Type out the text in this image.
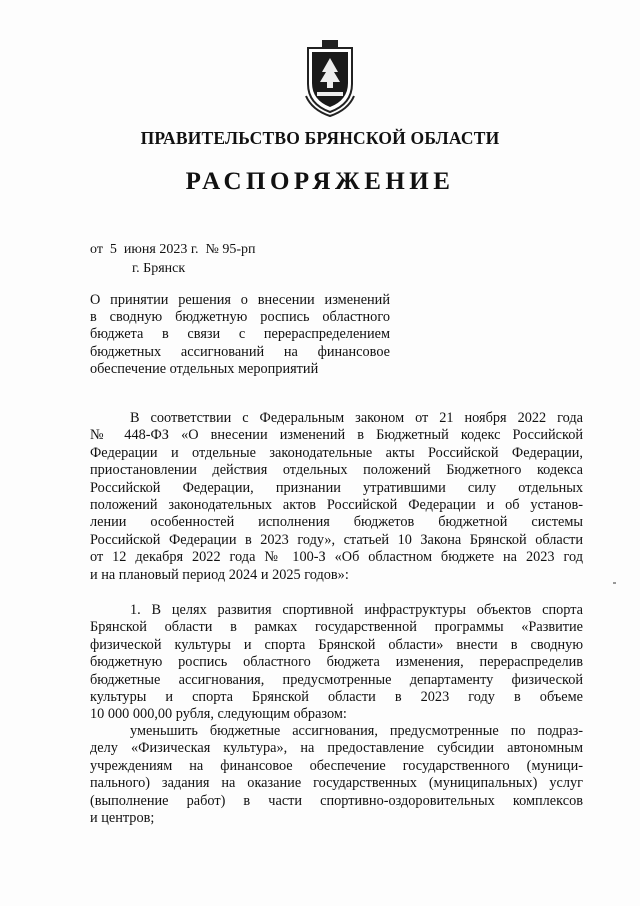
ПРАВИТЕЛЬСТВО БРЯНСКОЙ ОБЛАСТИ
РАСПОРЯЖЕНИЕ
от  5  июня 2023 г.  № 95-рп
г. Брянск
О принятии решения о внесении изменений
в сводную бюджетную роспись областного
бюджета в связи с перераспределением
бюджетных ассигнований на финансовое
обеспечение отдельных мероприятий
В соответствии с Федеральным законом от 21 ноября 2022 года
№ 448-ФЗ «О внесении изменений в Бюджетный кодекс Российской
Федерации и отдельные законодательные акты Российской Федерации,
приостановлении действия отдельных положений Бюджетного кодекса
Российской Федерации, признании утратившими силу отдельных
положений законодательных актов Российской Федерации и об установ-
лении особенностей исполнения бюджетов бюджетной системы
Российской Федерации в 2023 году», статьей 10 Закона Брянской области
от 12 декабря 2022 года № 100-З «Об областном бюджете на 2023 год
и на плановый период 2024 и 2025 годов»:
1. В целях развития спортивной инфраструктуры объектов спорта
Брянской области в рамках государственной программы «Развитие
физической культуры и спорта Брянской области» внести в сводную
бюджетную роспись областного бюджета изменения, перераспределив
бюджетные ассигнования, предусмотренные департаменту физической
культуры и спорта Брянской области в 2023 году в объеме
10 000 000,00 рубля, следующим образом:
уменьшить бюджетные ассигнования, предусмотренные по подраз-
делу «Физическая культура», на предоставление субсидии автономным
учреждениям на финансовое обеспечение государственного (муници-
пального) задания на оказание государственных (муниципальных) услуг
(выполнение работ) в части спортивно-оздоровительных комплексов
и центров;
